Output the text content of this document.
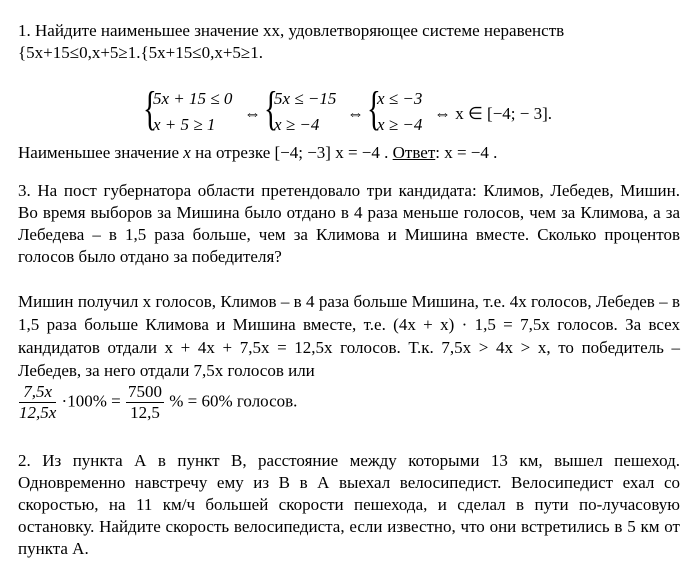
1. Найдите наименьшее значение xx, удовлетворяющее системе неравенств {5x+15≤0,x+5≥1.{5x+15≤0,x+5≥1.

{
5x + 15 ≤ 0
x + 5 ≥ 1
⇔ {
5x ≤ −15
x ≥ −4
⇔ {
x ≤ −3
x ≥ −4
⇔ x ∈ [−4; − 3].

Наименьшее значение x на отрезке [−4; −3] x = −4 . Ответ: x = −4 .

3. На пост губернатора области претендовало три кандидата: Климов, Лебедев, Мишин. Во время выборов за Мишина было отдано в 4 раза меньше голосов, чем за Климова, а за Лебедева – в 1,5 раза больше, чем за Климова и Мишина вместе. Сколько процентов голосов было отдано за победителя?

Мишин получил x голосов, Климов – в 4 раза больше Мишина, т.е. 4x голосов, Лебедев – в 1,5 раза больше Климова и Мишина вместе, т.е. (4x + x) · 1,5 = 7,5x голосов. За всех кандидатов отдали x + 4x + 7,5x = 12,5x голосов. Т.к. 7,5x > 4x > x, то победитель – Лебедев, за него отдали 7,5x голосов или

$\frac{7,5x}{12,5x} \cdot 100\% = \frac{7500}{12,5}$ % = 60% голосов.

2. Из пункта А в пункт В, расстояние между которыми 13 км, вышел пешеход. Одновременно навстречу ему из В в А выехал велосипедист. Велосипедист ехал со скоростью, на 11 км/ч большей скорости пешехода, и сделал в пути по-лучасовую остановку. Найдите скорость велосипедиста, если известно, что они встретились в 5 км от пункта А.
